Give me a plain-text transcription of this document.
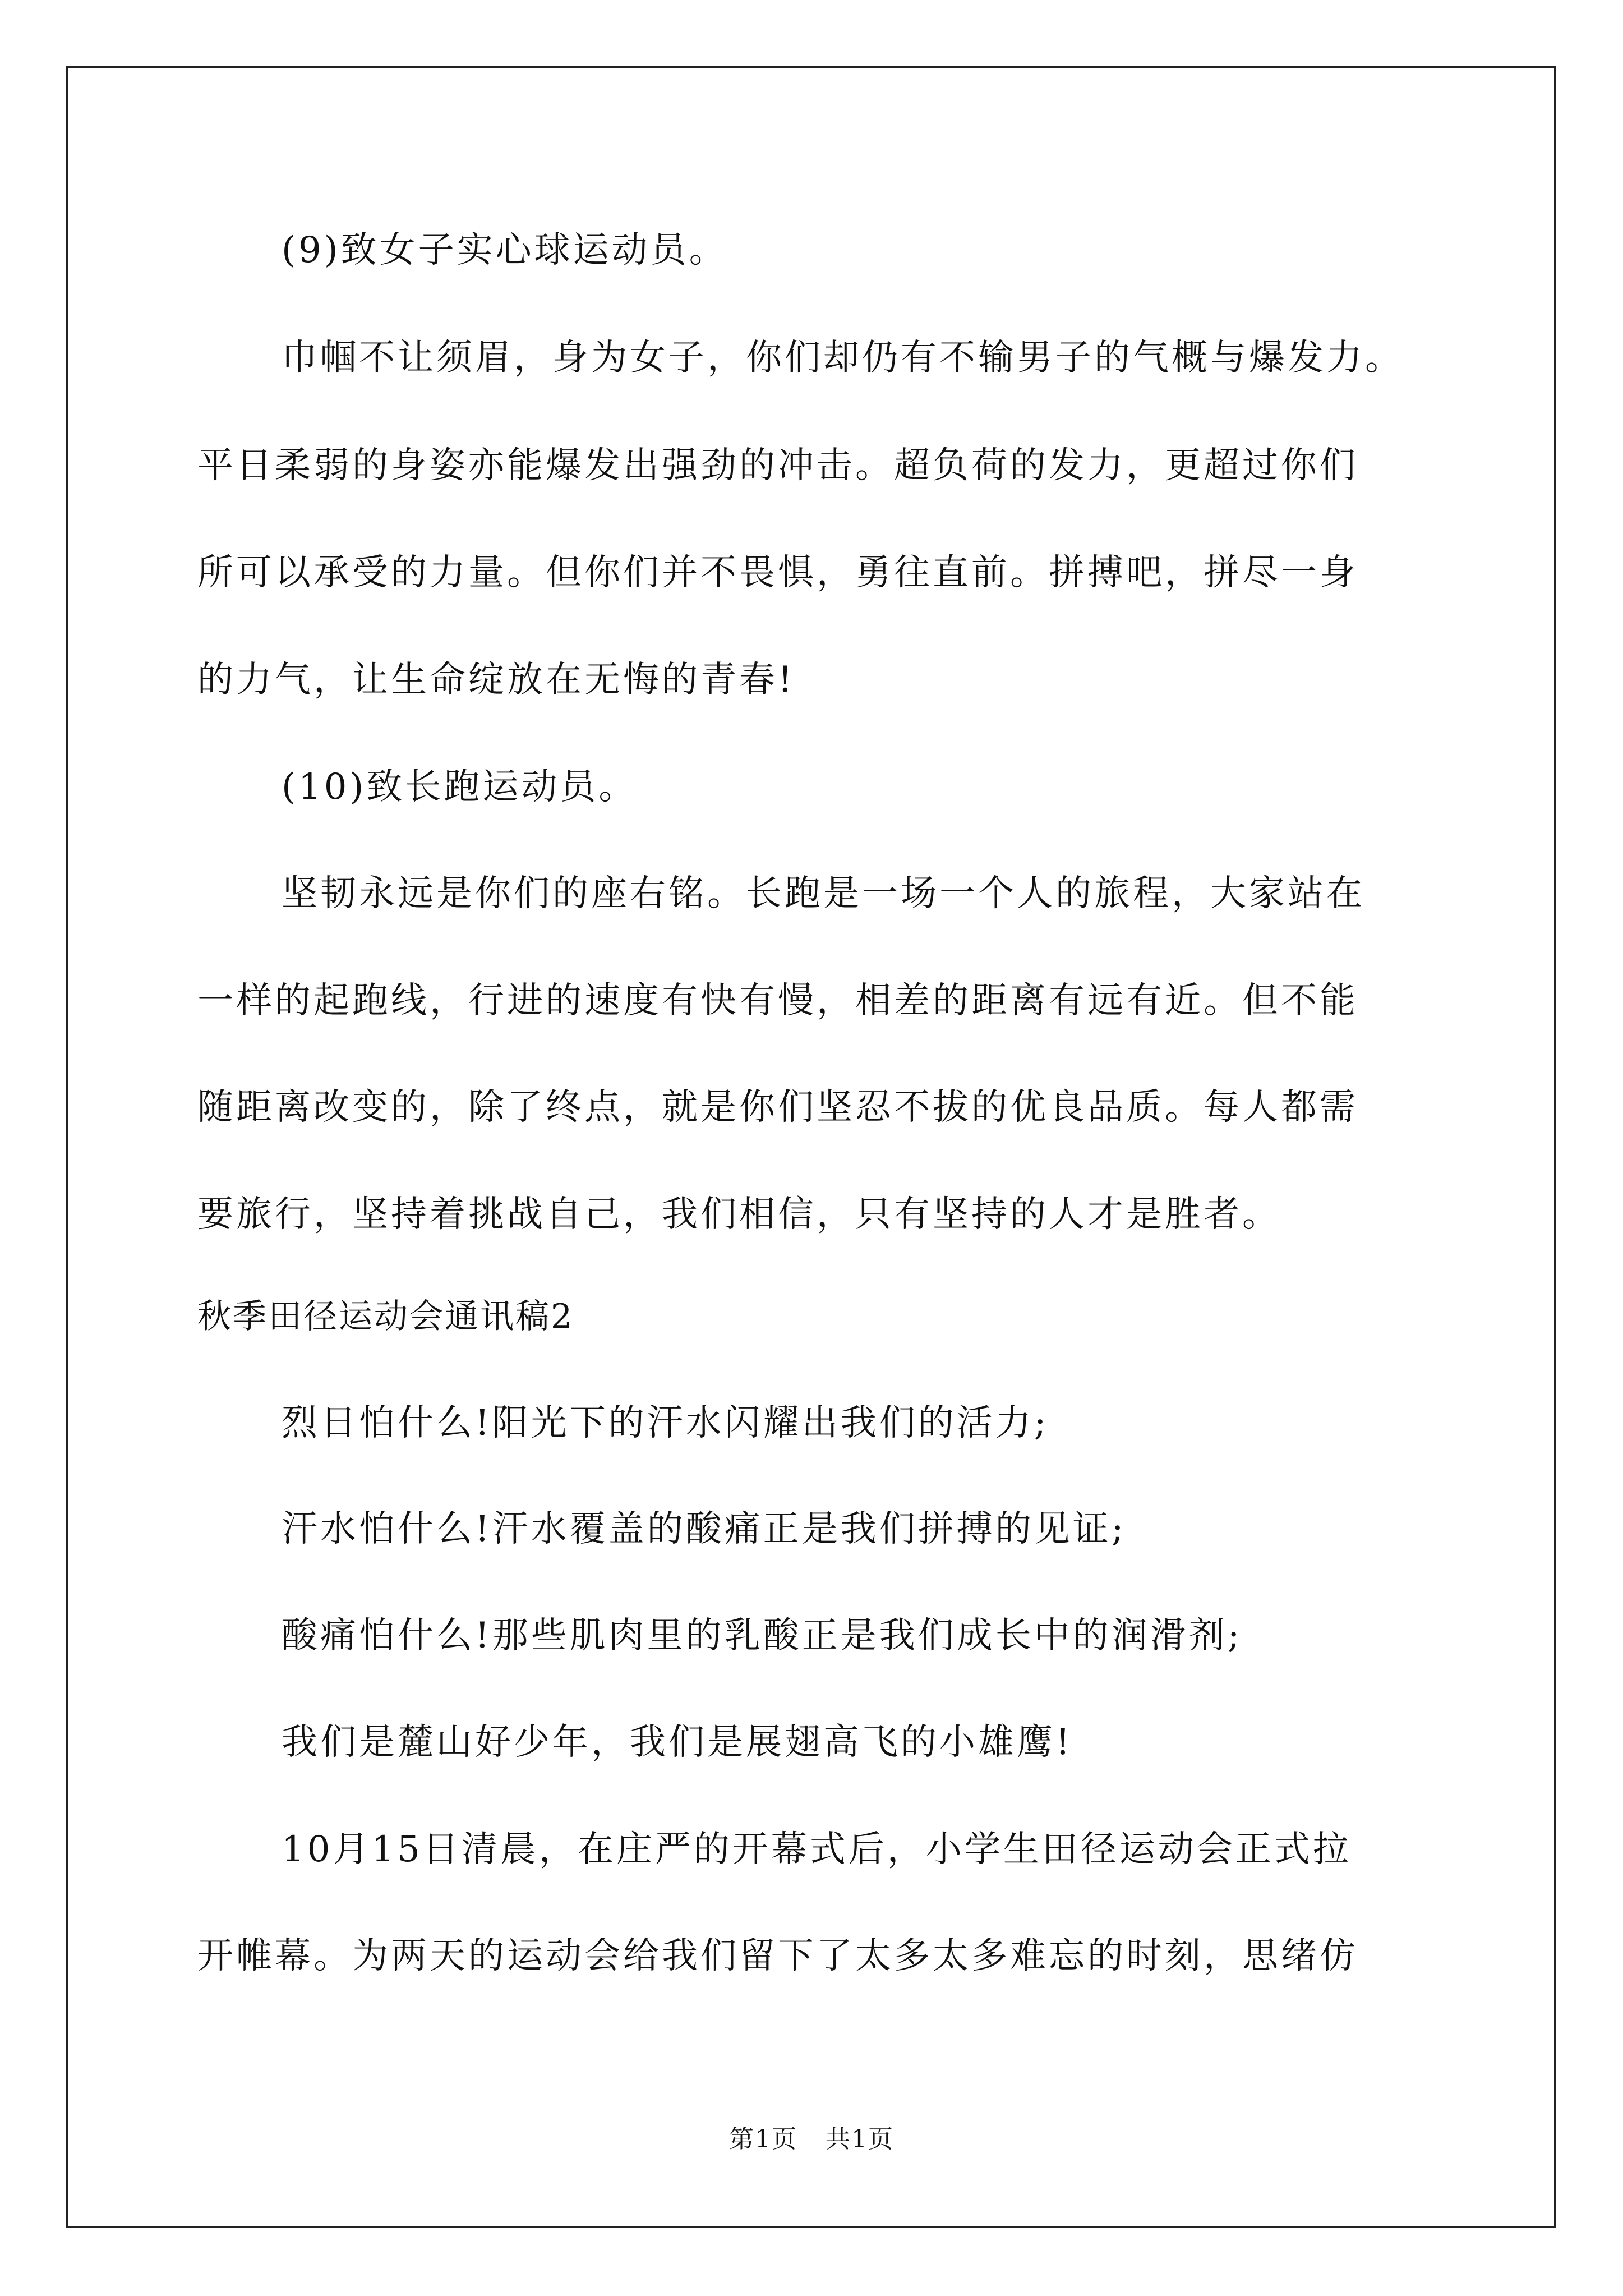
(9)致女子实心球运动员。
巾帼不让须眉，身为女子，你们却仍有不输男子的气概与爆发力。
平日柔弱的身姿亦能爆发出强劲的冲击。超负荷的发力，更超过你们
所可以承受的力量。但你们并不畏惧，勇往直前。拼搏吧，拼尽一身
的力气，让生命绽放在无悔的青春!
(10)致长跑运动员。
坚韧永远是你们的座右铭。长跑是一场一个人的旅程，大家站在
一样的起跑线，行进的速度有快有慢，相差的距离有远有近。但不能
随距离改变的，除了终点，就是你们坚忍不拔的优良品质。每人都需
要旅行，坚持着挑战自己，我们相信，只有坚持的人才是胜者。
秋季田径运动会通讯稿2
烈日怕什么!阳光下的汗水闪耀出我们的活力;
汗水怕什么!汗水覆盖的酸痛正是我们拼搏的见证;
酸痛怕什么!那些肌肉里的乳酸正是我们成长中的润滑剂;
我们是麓山好少年，我们是展翅高飞的小雄鹰!
10月15日清晨，在庄严的开幕式后，小学生田径运动会正式拉
开帷幕。为两天的运动会给我们留下了太多太多难忘的时刻，思绪仿
第1页 共1页
